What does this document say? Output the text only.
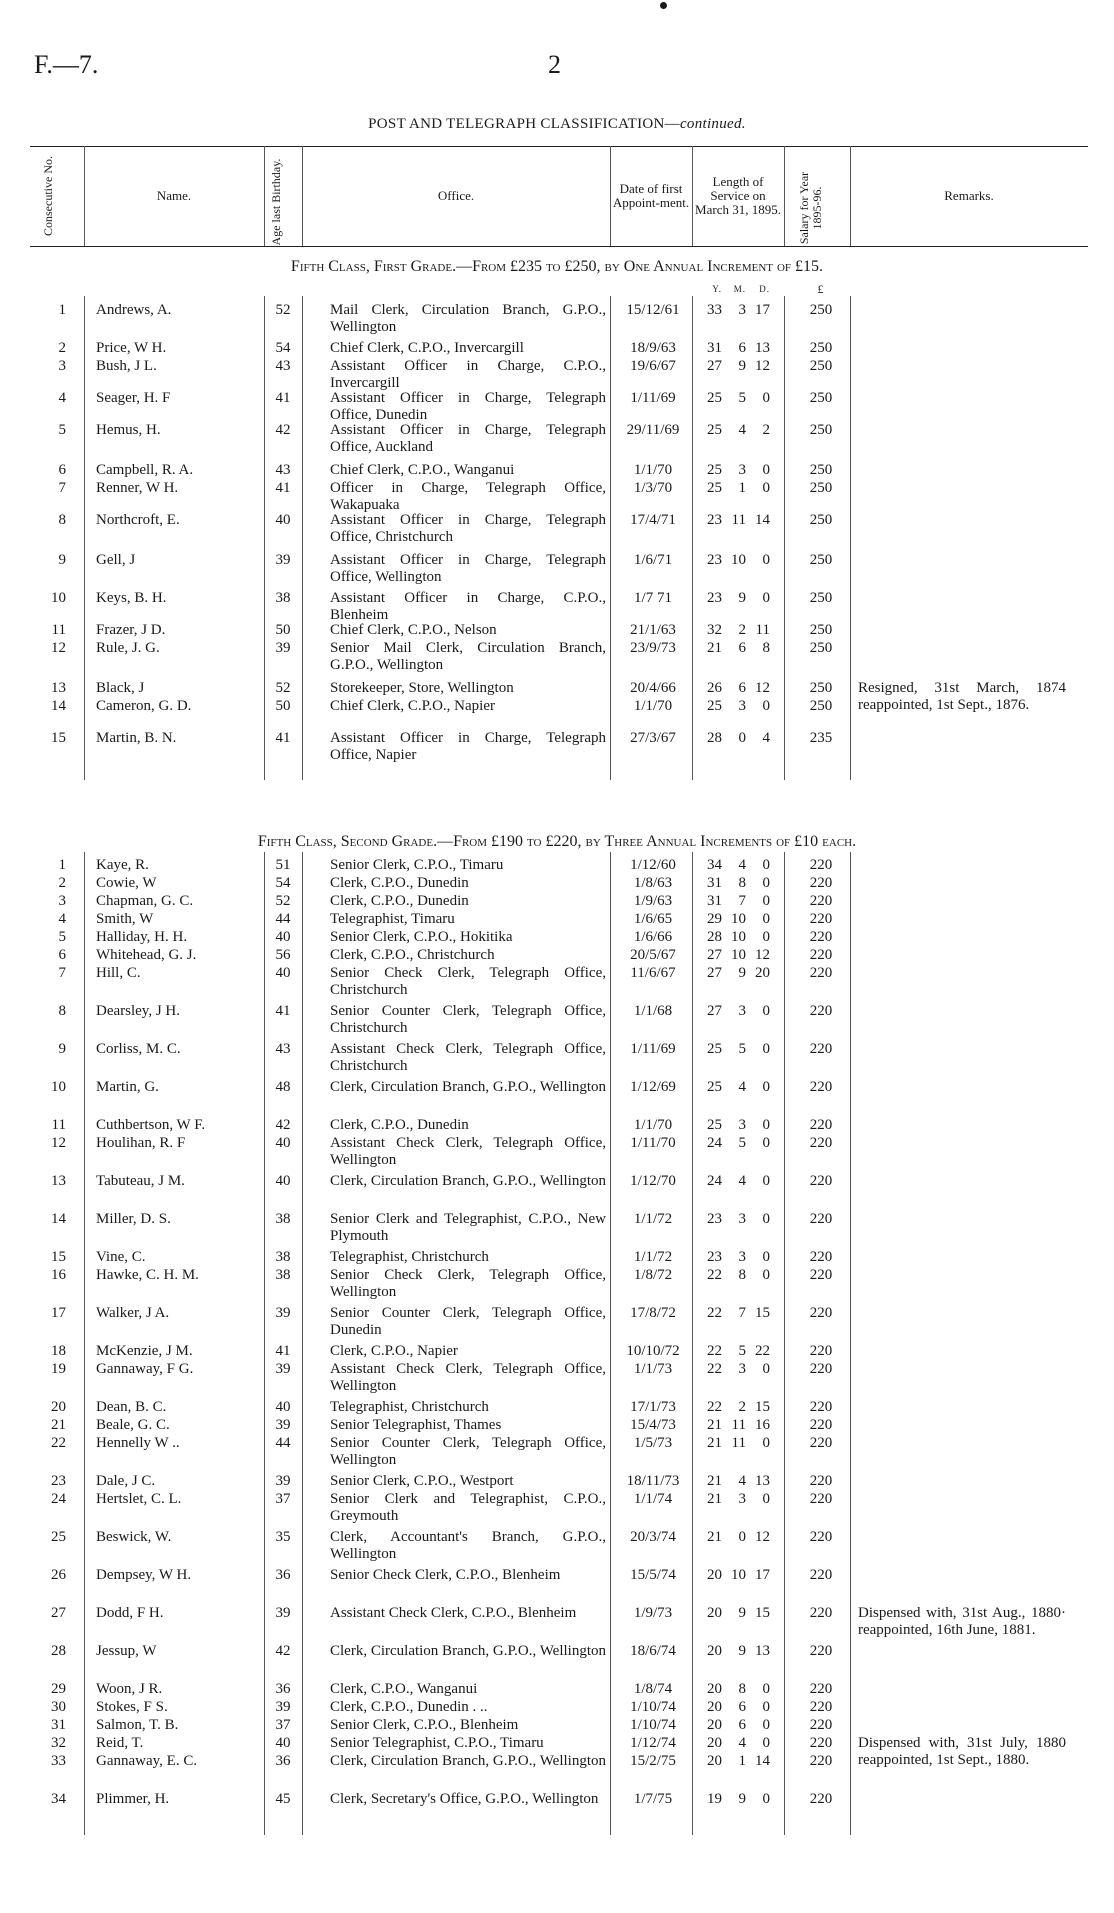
F.—7.	2
POST AND TELEGRAPH CLASSIFICATION—continued.
Consecutive No.	Name.	Age last Birthday.	Office.	Date of first Appoint-ment.
Length of Service on March 31, 1895. Salary for Year 1895-96.	Remarks.
Fifth Class, First Grade.—From £235 to £250, by One Annual Increment of £15.
Y.	M.	D.	£
1 Andrews, A.	52	Mail Clerk, Circulation Branch, G.P.O., Wellington
15/12/61	33	3 17	250
2 Price, W H.	54	Chief Clerk, C.P.O., Invercargill	18/9/63	31	6 13	250
3 Bush, J L.	43	Assistant Officer in Charge, C.P.O., Invercargill
19/6/67	27	9 12	250
4 Seager, H. F	41	Assistant Officer in Charge, Telegraph Office, Dunedin
1/11/69	25	5	0	250
5 Hemus, H.	42	Assistant Officer in Charge, Telegraph Office, Auckland
29/11/69	25	4	2	250
6 Campbell, R. A.	43	Chief Clerk, C.P.O., Wanganui	1/1/70	25	3	0	250
7 Renner, W H.	41	Officer in Charge, Telegraph Office, Wakapuaka
1/3/70	25	1	0	250
8 Northcroft, E.	40	Assistant Officer in Charge, Telegraph Office, Christchurch
17/4/71	23 11 14	250
9 Gell, J	39	Assistant Officer in Charge, Telegraph Office, Wellington
1/6/71	23 10	0	250
10 Keys, B. H.	38	Assistant Officer in Charge, C.P.O., Blenheim
1/7 71	23	9	0	250
11 Frazer, J D.	50	Chief Clerk, C.P.O., Nelson	21/1/63	32	2 11	250
12 Rule, J. G.	39	Senior Mail Clerk, Circulation Branch, G.P.O., Wellington
23/9/73	21	6	8	250
13 Black, J	52	Storekeeper, Store, Wellington	20/4/66	26	6 12	250	Resigned, 31st March, 1874 reappointed, 1st Sept., 1876.
14 Cameron, G. D.	50	Chief Clerk, C.P.O., Napier	1/1/70	25	3	0	250
15 Martin, B. N.	41	Assistant Officer in Charge, Telegraph Office, Napier
27/3/67	28	0	4	235
Fifth Class, Second Grade.—From £190 to £220, by Three Annual Increments of £10 each.
1 Kaye, R.	51	Senior Clerk, C.P.O., Timaru	1/12/60	34	4	0	220
2 Cowie, W	54	Clerk, C.P.O., Dunedin	1/8/63	31	8	0	220
3 Chapman, G. C.	52	Clerk, C.P.O., Dunedin	1/9/63	31	7	0	220
4 Smith, W	44	Telegraphist, Timaru	1/6/65	29 10	0	220
5 Halliday, H. H.	40	Senior Clerk, C.P.O., Hokitika	1/6/66	28 10	0	220
6 Whitehead, G. J.	56	Clerk, C.P.O., Christchurch	20/5/67	27 10 12	220
7 Hill, C.	40	Senior Check Clerk, Telegraph Office, Christchurch
11/6/67	27	9 20	220
8 Dearsley, J H.	41	Senior Counter Clerk, Telegraph Office, Christchurch
1/1/68	27	3	0	220
9 Corliss, M. C.	43	Assistant Check Clerk, Telegraph Office, Christchurch
1/11/69	25	5	0	220
10 Martin, G.	48	Clerk, Circulation Branch, G.P.O., Wellington	1/12/69	25	4	0	220
11 Cuthbertson, W F.	42	Clerk, C.P.O., Dunedin	1/1/70	25	3	0	220
12 Houlihan, R. F	40	Assistant Check Clerk, Telegraph Office, Wellington
1/11/70	24	5	0	220
13 Tabuteau, J M.	40	Clerk, Circulation Branch, G.P.O., Wellington	1/12/70	24	4	0	220
14 Miller, D. S.	38	Senior Clerk and Telegraphist, C.P.O., New Plymouth
1/1/72	23	3	0	220
15 Vine, C.	38	Telegraphist, Christchurch	1/1/72	23	3	0	220
16 Hawke, C. H. M.	38	Senior Check Clerk, Telegraph Office, Wellington
1/8/72	22	8	0	220
17 Walker, J A.	39	Senior Counter Clerk, Telegraph Office, Dunedin
17/8/72	22	7 15	220
18 McKenzie, J M.	41	Clerk, C.P.O., Napier	10/10/72	22	5 22	220
19 Gannaway, F G.	39	Assistant Check Clerk, Telegraph Office, Wellington
1/1/73	22	3	0	220
20 Dean, B. C.	40	Telegraphist, Christchurch	17/1/73	22	2 15	220
21 Beale, G. C.	39	Senior Telegraphist, Thames	15/4/73	21 11 16	220
22 Hennelly W ..	44	Senior Counter Clerk, Telegraph Office, Wellington
1/5/73	21 11	0	220
23 Dale, J C.	39	Senior Clerk, C.P.O., Westport	18/11/73	21	4 13	220
24 Hertslet, C. L.	37	Senior Clerk and Telegraphist, C.P.O., Greymouth
1/1/74	21	3	0	220
25 Beswick, W.	35	Clerk, Accountant's Branch, G.P.O., Wellington
20/3/74	21	0 12	220
26 Dempsey, W H.	36	Senior Check Clerk, C.P.O., Blenheim	15/5/74	20 10 17	220
27 Dodd, F H.	39	Assistant Check Clerk, C.P.O., Blenheim	1/9/73	20	9 15	220	Dispensed with, 31st Aug., 1880· reappointed, 16th June, 1881.
28 Jessup, W	42	Clerk, Circulation Branch, G.P.O., Wellington	18/6/74	20	9 13	220
29 Woon, J R.	36	Clerk, C.P.O., Wanganui	1/8/74	20	8	0	220
30 Stokes, F S.	39	Clerk, C.P.O., Dunedin . ..	1/10/74	20	6	0	220
31 Salmon, T. B.	37	Senior Clerk, C.P.O., Blenheim	1/10/74	20	6	0	220
32 Reid, T.	40	Senior Telegraphist, C.P.O., Timaru	1/12/74	20	4	0	220	Dispensed with, 31st July, 1880 reappointed, 1st Sept., 1880.
33 Gannaway, E. C.	36	Clerk, Circulation Branch, G.P.O., Wellington	15/2/75	20	1 14	220
34 Plimmer, H.	45	Clerk, Secretary's Office, G.P.O., Wellington	1/7/75	19	9	0	220
